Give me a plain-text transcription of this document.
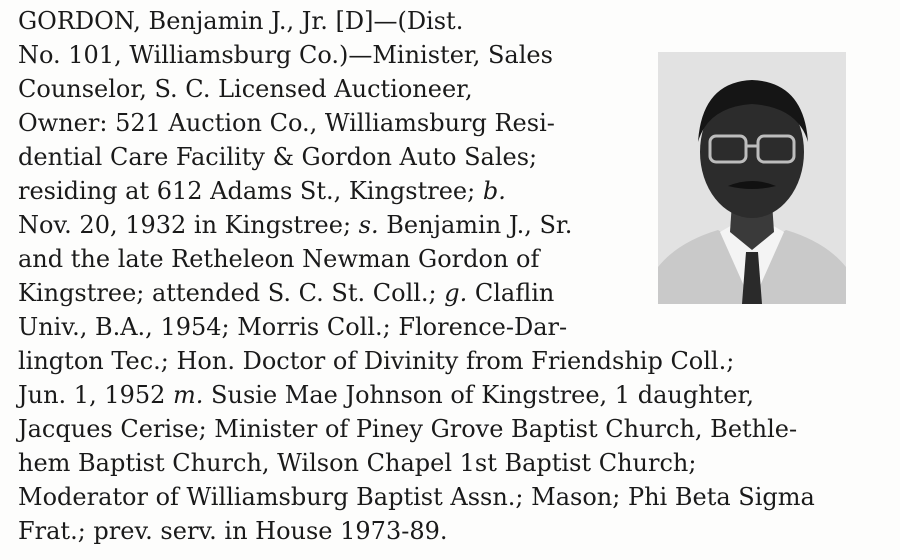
GORDON, Benjamin J., Jr. [D]—(Dist.
No. 101, Williamsburg Co.)—Minister, Sales
Counselor, S. C. Licensed Auctioneer,
Owner: 521 Auction Co., Williamsburg Resi-
dential Care Facility & Gordon Auto Sales;
residing at 612 Adams St., Kingstree; b.
Nov. 20, 1932 in Kingstree; s. Benjamin J., Sr.
and the late Retheleon Newman Gordon of
Kingstree; attended S. C. St. Coll.; g. Claflin
Univ., B.A., 1954; Morris Coll.; Florence-Dar-
lington Tec.; Hon. Doctor of Divinity from Friendship Coll.;
Jun. 1, 1952 m. Susie Mae Johnson of Kingstree, 1 daughter,
Jacques Cerise; Minister of Piney Grove Baptist Church, Bethle-
hem Baptist Church, Wilson Chapel 1st Baptist Church;
Moderator of Williamsburg Baptist Assn.; Mason; Phi Beta Sigma
Frat.; prev. serv. in House 1973-89.
